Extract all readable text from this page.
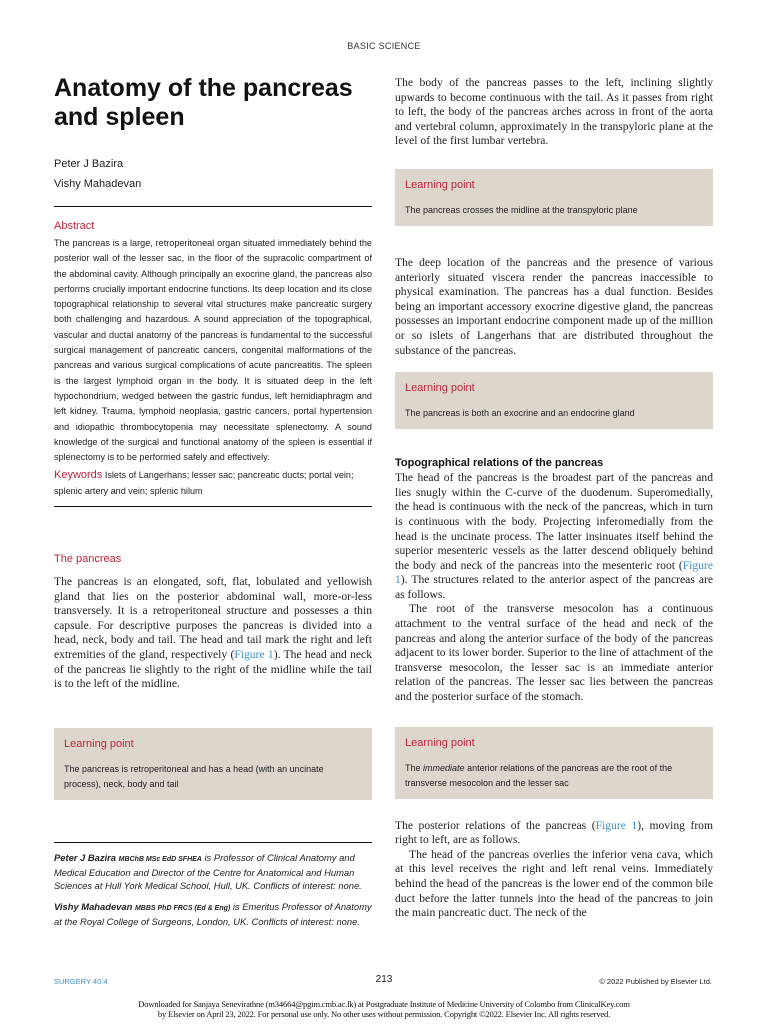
BASIC SCIENCE
Anatomy of the pancreas
and spleen
Peter J Bazira
Vishy Mahadevan
Abstract

The pancreas is a large, retroperitoneal organ situated immediately behind the posterior wall of the lesser sac, in the floor of the supracolic compartment of the abdominal cavity. Although principally an exocrine gland, the pancreas also performs crucially important endocrine functions. Its deep location and its close topographical relationship to several vital structures make pancreatic surgery both challenging and hazardous. A sound appreciation of the topographical, vascular and ductal anatomy of the pancreas is fundamental to the successful surgical management of pancreatic cancers, congenital malformations of the pancreas and various surgical complications of acute pancreatitis. The spleen is the largest lymphoid organ in the body. It is situated deep in the left hypochondrium, wedged between the gastric fundus, left hemidiaphragm and left kidney. Trauma, lymphoid neoplasia, gastric cancers, portal hypertension and idiopathic thrombocytopenia may necessitate splenectomy. A sound knowledge of the surgical and functional anatomy of the spleen is essential if splenectomy is to be performed safely and effectively.

Keywords Islets of Langerhans; lesser sac; pancreatic ducts; portal vein; splenic artery and vein; splenic hilum

The pancreas

The pancreas is an elongated, soft, flat, lobulated and yellowish gland that lies on the posterior abdominal wall, more-or-less transversely. It is a retroperitoneal structure and possesses a thin capsule. For descriptive purposes the pancreas is divided into a head, neck, body and tail. The head and tail mark the right and left extremities of the gland, respectively (Figure 1). The head and neck of the pancreas lie slightly to the right of the midline while the tail is to the left of the midline.

Learning point

The pancreas is retroperitoneal and has a head (with an uncinate process), neck, body and tail

Peter J Bazira MBChB MSc EdD SFHEA is Professor of Clinical Anatomy and Medical Education and Director of the Centre for Anatomical and Human Sciences at Hull York Medical School, Hull, UK. Conflicts of interest: none.

Vishy Mahadevan MBBS PhD FRCS (Ed & Eng) is Emeritus Professor of Anatomy at the Royal College of Surgeons, London, UK. Conflicts of interest: none.

The body of the pancreas passes to the left, inclining slightly upwards to become continuous with the tail. As it passes from right to left, the body of the pancreas arches across in front of the aorta and vertebral column, approximately in the transpyloric plane at the level of the first lumbar vertebra.

Learning point

The pancreas crosses the midline at the transpyloric plane

The deep location of the pancreas and the presence of various anteriorly situated viscera render the pancreas inaccessible to physical examination. The pancreas has a dual function. Besides being an important accessory exocrine digestive gland, the pancreas possesses an important endocrine component made up of the million or so islets of Langerhans that are distributed throughout the substance of the pancreas.

Learning point

The pancreas is both an exocrine and an endocrine gland

Topographical relations of the pancreas

The head of the pancreas is the broadest part of the pancreas and lies snugly within the C-curve of the duodenum. Superomedially, the head is continuous with the neck of the pancreas, which in turn is continuous with the body. Projecting inferomedially from the head is the uncinate process. The latter insinuates itself behind the superior mesenteric vessels as the latter descend obliquely behind the body and neck of the pancreas into the mesenteric root (Figure 1). The structures related to the anterior aspect of the pancreas are as follows.

The root of the transverse mesocolon has a continuous attachment to the ventral surface of the head and neck of the pancreas and along the anterior surface of the body of the pancreas adjacent to its lower border. Superior to the line of attachment of the transverse mesocolon, the lesser sac is an immediate anterior relation of the pancreas. The lesser sac lies between the pancreas and the posterior surface of the stomach.

Learning point

The immediate anterior relations of the pancreas are the root of the transverse mesocolon and the lesser sac

The posterior relations of the pancreas (Figure 1), moving from right to left, are as follows.

The head of the pancreas overlies the inferior vena cava, which at this level receives the right and left renal veins. Immediately behind the head of the pancreas is the lower end of the common bile duct before the latter tunnels into the head of the pancreas to join the main pancreatic duct. The neck of the

SURGERY 40:4	213	© 2022 Published by Elsevier Ltd.
Downloaded for Sanjaya Senevirathne (m34664@pgim.cmb.ac.lk) at Postgraduate Institute of Medicine University of Colombo from ClinicalKey.com
by Elsevier on April 23, 2022. For personal use only. No other uses without permission. Copyright ©2022. Elsevier Inc. All rights reserved.
